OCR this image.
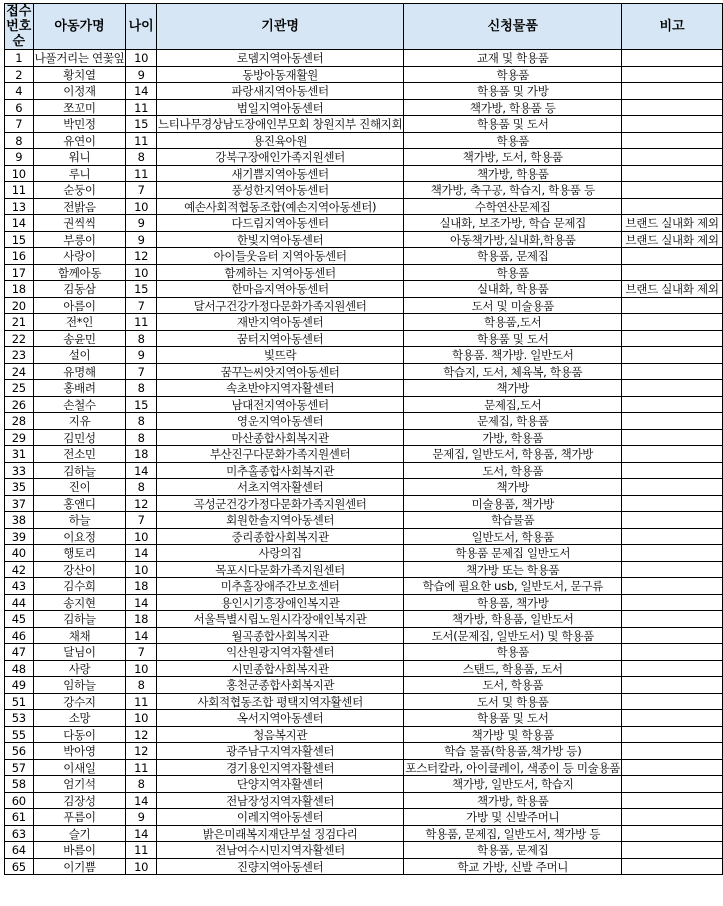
접수
번호순	아동가명	나이	기관명	신청물품	비고
1	나풀거리는 연꽃잎	10	로뎀지역아동센터	교재 및 학용품	
2	황치열	9	동방아동재활원	학용품	
4	이정재	14	파랑새지역아동센터	학용품 및 가방	
6	쪼꼬미	11	범일지역아동센터	책가방, 학용품 등	
7	박민정	15	느티나무경상남도장애인부모회 창원지부 진해지회	학용품 및 도서	
8	유연이	11	용진육아원	학용품	
9	워니	8	강북구장애인가족지원센터	책가방, 도서, 학용품	
10	루니	11	새기쁨지역아동센터	책가방, 학용품	
11	순둥이	7	풍성한지역아동센터	책가방, 축구공, 학습지, 학용품 등	
13	전밝음	10	예손사회적협동조합(예손지역아동센터)	수학연산문제집	
14	권씩씩	9	다드림지역아동센터	실내화, 보조가방, 학습 문제집	브랜드 실내화 제외
15	부릉이	9	한빛지역아동센터	아동책가방,실내화,학용품	브랜드 실내화 제외
16	사랑이	12	아이들웃음터 지역아동센터	학용품, 문제집	
17	함께아동	10	함께하는 지역아동센터	학용품	
18	김동삼	15	한마음지역아동센터	실내화, 학용품	브랜드 실내화 제외
20	아름이	7	달서구건강가정다문화가족지원센터	도서 및 미술용품	
21	전*인	11	재반지역아동센터	학용품,도서	
22	송윤민	8	꿈터지역아동센터	학용품 및 도서	
23	설이	9	빛뜨락	학용품. 책가방. 일반도서	
24	유명해	7	꿈꾸는씨앗지역아동센터	학습지, 도서, 체육복, 학용품	
25	홍배려	8	속초반야지역자활센터	책가방	
26	손철수	15	남대전지역아동센터	문제집,도서	
28	지유	8	영운지역아동센터	문제집, 학용품	
29	김민성	8	마산종합사회복지관	가방, 학용품	
31	전소민	18	부산진구다문화가족지원센터	문제집, 일반도서, 학용품, 책가방	
33	김하늘	14	미추홀종합사회복지관	도서, 학용품	
35	진이	8	서초지역자활센터	책가방	
37	홍앤디	12	곡성군건강가정다문화가족지원센터	미술용품, 책가방	
38	하늘	7	회원한솔지역아동센터	학습물품	
39	이요정	10	중리종합사회복지관	일반도서, 학용품	
40	행토리	14	사랑의집	학용품 문제집 일반도서	
42	강산이	10	목포시다문화가족지원센터	책가방 또는 학용품	
43	김수희	18	미추홀장애주간보호센터	학습에 필요한 usb, 일반도서, 문구류	
44	송지현	14	용인시기흥장애인복지관	학용품, 책가방	
45	김하늘	18	서울특별시립노원시각장애인복지관	책가방, 학용품, 일반도서	
46	채채	14	월곡종합사회복지관	도서(문제집, 일반도서) 및 학용품	
47	달님이	7	익산원광지역자활센터	학용품	
48	사랑	10	시민종합사회복지관	스탠드, 학용품, 도서	
49	임하늘	8	홍천군종합사회복지관	도서, 학용품	
51	강수지	11	사회적협동조합 평택지역자활센터	도서 및 학용품	
53	소망	10	옥서지역아동센터	학용품 및 도서	
55	다동이	12	청음복지관	책가방 및 학용품	
56	박아영	12	광주남구지역자활센터	학습 물품(학용품,책가방 등)	
57	이새일	11	경기용인지역자활센터	포스터칼라, 아이클레이, 색종이 등 미술용품	
58	엄기석	8	단양지역자활센터	책가방, 일반도서, 학습지	
60	김장성	14	전남장성지역자활센터	책가방, 학용품	
61	푸름이	9	이레지역아동센터	가방 및 신발주머니	
63	슬기	14	밝은미래복지재단부설 징검다리	학용품, 문제집, 일반도서, 책가방 등	
64	바름이	11	전남여수시민지역자활센터	학용품, 문제집	
65	이기쁨	10	진량지역아동센터	학교 가방, 신발 주머니	
